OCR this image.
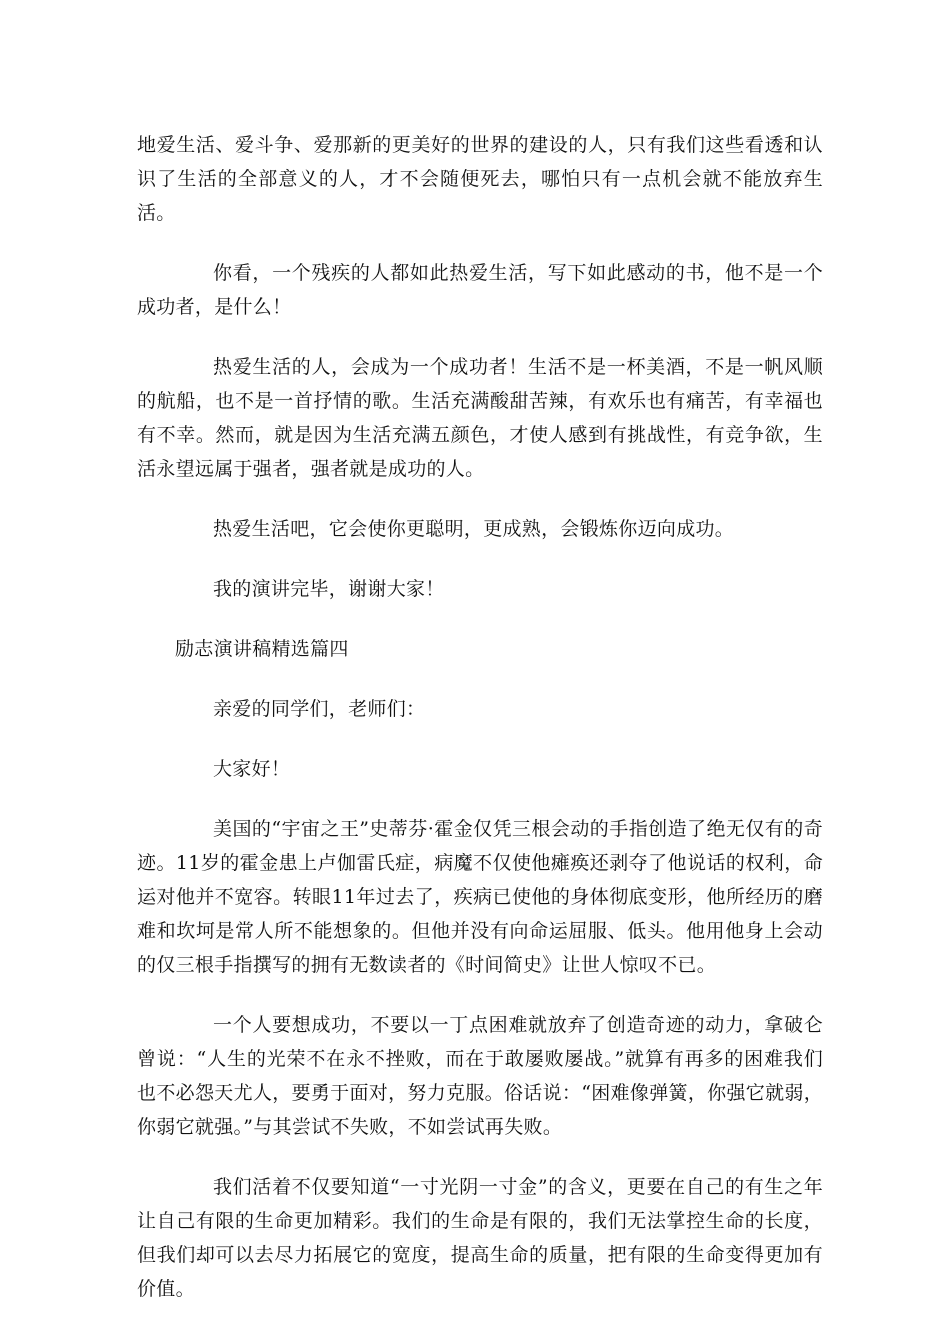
地爱生活、爱斗争、爱那新的更美好的世界的建设的人，只有我们这些看透和认识了生活的全部意义的人，才不会随便死去，哪怕只有一点机会就不能放弃生活。

你看，一个残疾的人都如此热爱生活，写下如此感动的书，他不是一个成功者，是什么！

热爱生活的人，会成为一个成功者！生活不是一杯美酒，不是一帆风顺的航船，也不是一首抒情的歌。生活充满酸甜苦辣，有欢乐也有痛苦，有幸福也有不幸。然而，就是因为生活充满五颜色，才使人感到有挑战性，有竞争欲，生活永望远属于强者，强者就是成功的人。

热爱生活吧，它会使你更聪明，更成熟，会锻炼你迈向成功。

我的演讲完毕，谢谢大家！

励志演讲稿精选篇四

亲爱的同学们，老师们：

大家好！

美国的“宇宙之王”史蒂芬·霍金仅凭三根会动的手指创造了绝无仅有的奇迹。11岁的霍金患上卢伽雷氏症，病魔不仅使他瘫痪还剥夺了他说话的权利，命运对他并不宽容。转眼11年过去了，疾病已使他的身体彻底变形，他所经历的磨难和坎坷是常人所不能想象的。但他并没有向命运屈服、低头。他用他身上会动的仅三根手指撰写的拥有无数读者的《时间简史》让世人惊叹不已。

一个人要想成功，不要以一丁点困难就放弃了创造奇迹的动力，拿破仑曾说：“人生的光荣不在永不挫败，而在于敢屡败屡战。”就算有再多的困难我们也不必怨天尤人，要勇于面对，努力克服。俗话说：“困难像弹簧，你强它就弱，你弱它就强。”与其尝试不失败，不如尝试再失败。

我们活着不仅要知道“一寸光阴一寸金”的含义，更要在自己的有生之年让自己有限的生命更加精彩。我们的生命是有限的，我们无法掌控生命的长度，但我们却可以去尽力拓展它的宽度，提高生命的质量，把有限的生命变得更加有价值。
